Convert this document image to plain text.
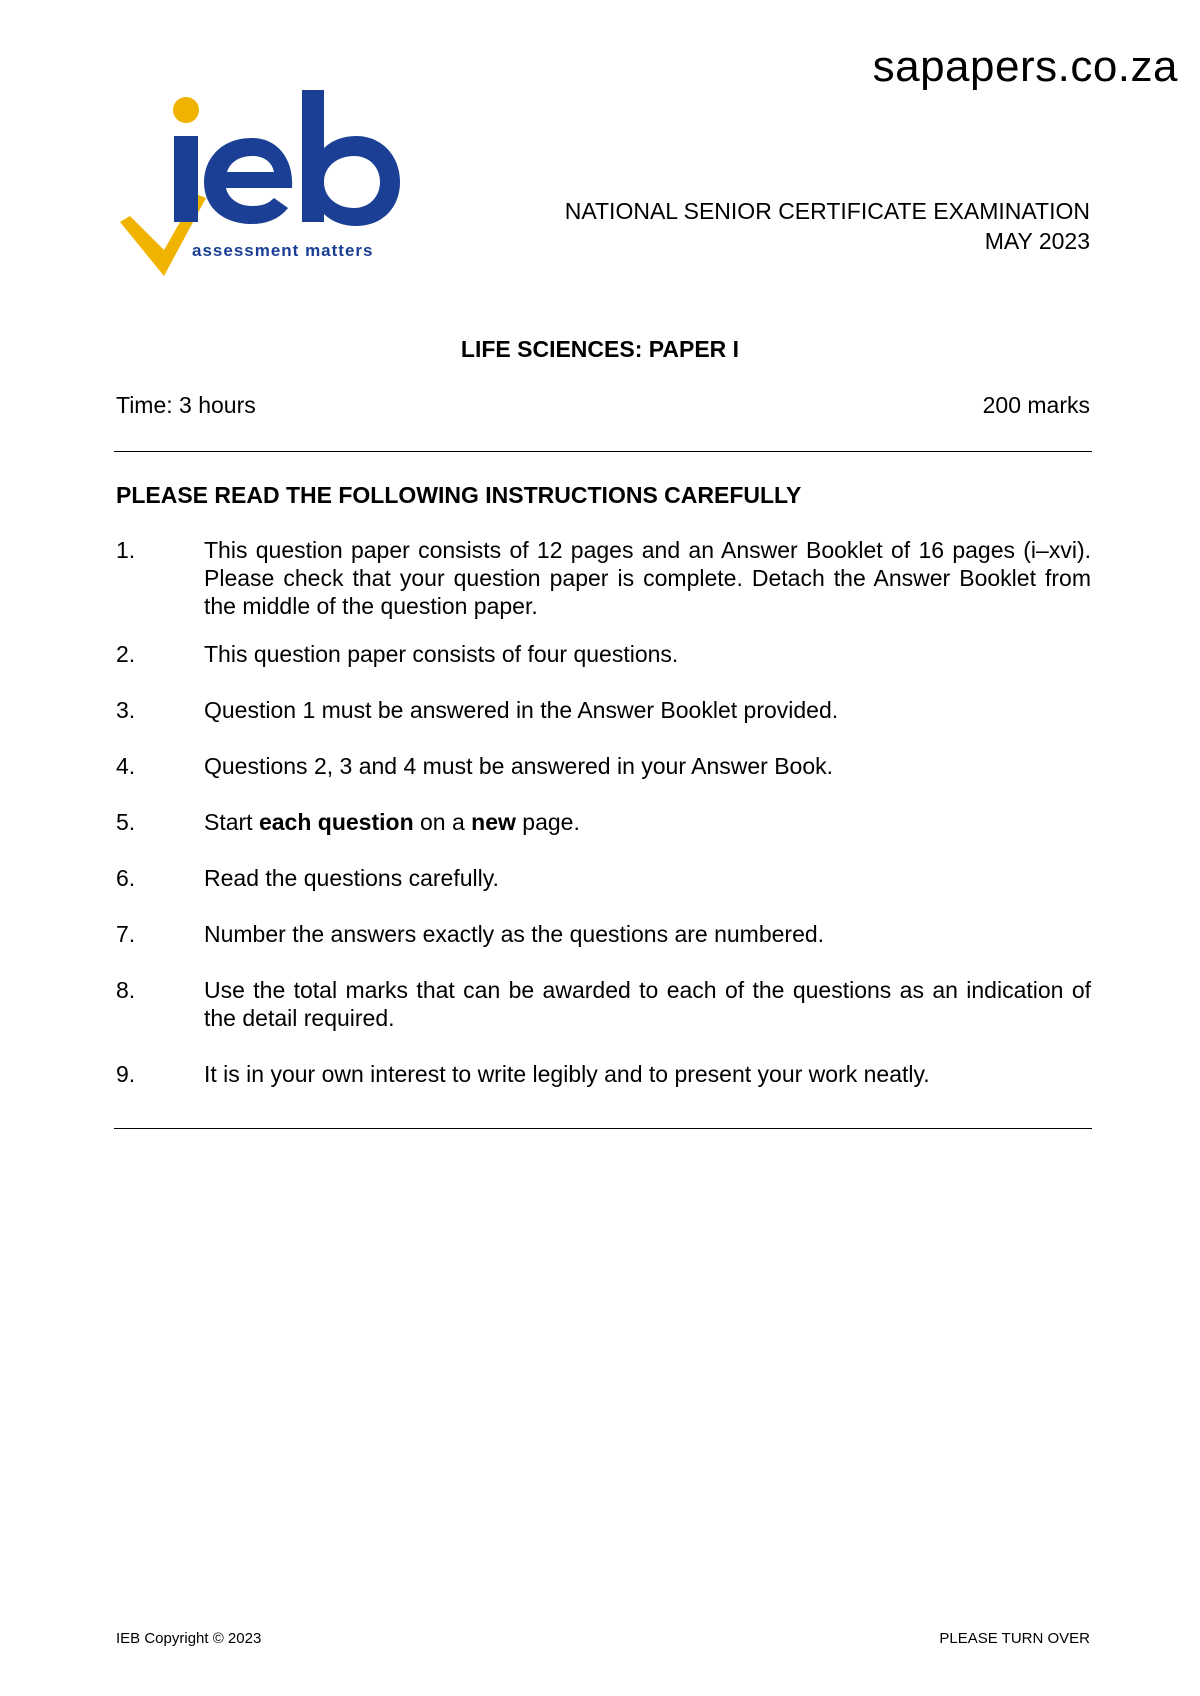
sapapers.co.za
assessment matters
NATIONAL SENIOR CERTIFICATE EXAMINATION
MAY 2023
LIFE SCIENCES: PAPER I
Time: 3 hours	200 marks
PLEASE READ THE FOLLOWING INSTRUCTIONS CAREFULLY
1.	This question paper consists of 12 pages and an Answer Booklet of 16 pages (i–xvi). Please check that your question paper is complete. Detach the Answer Booklet from the middle of the question paper.
2.	This question paper consists of four questions.
3.	Question 1 must be answered in the Answer Booklet provided.
4.	Questions 2, 3 and 4 must be answered in your Answer Book.
5.	Start each question on a new page.
6.	Read the questions carefully.
7.	Number the answers exactly as the questions are numbered.
8.	Use the total marks that can be awarded to each of the questions as an indication of the detail required.
9.	It is in your own interest to write legibly and to present your work neatly.
IEB Copyright © 2023	PLEASE TURN OVER
